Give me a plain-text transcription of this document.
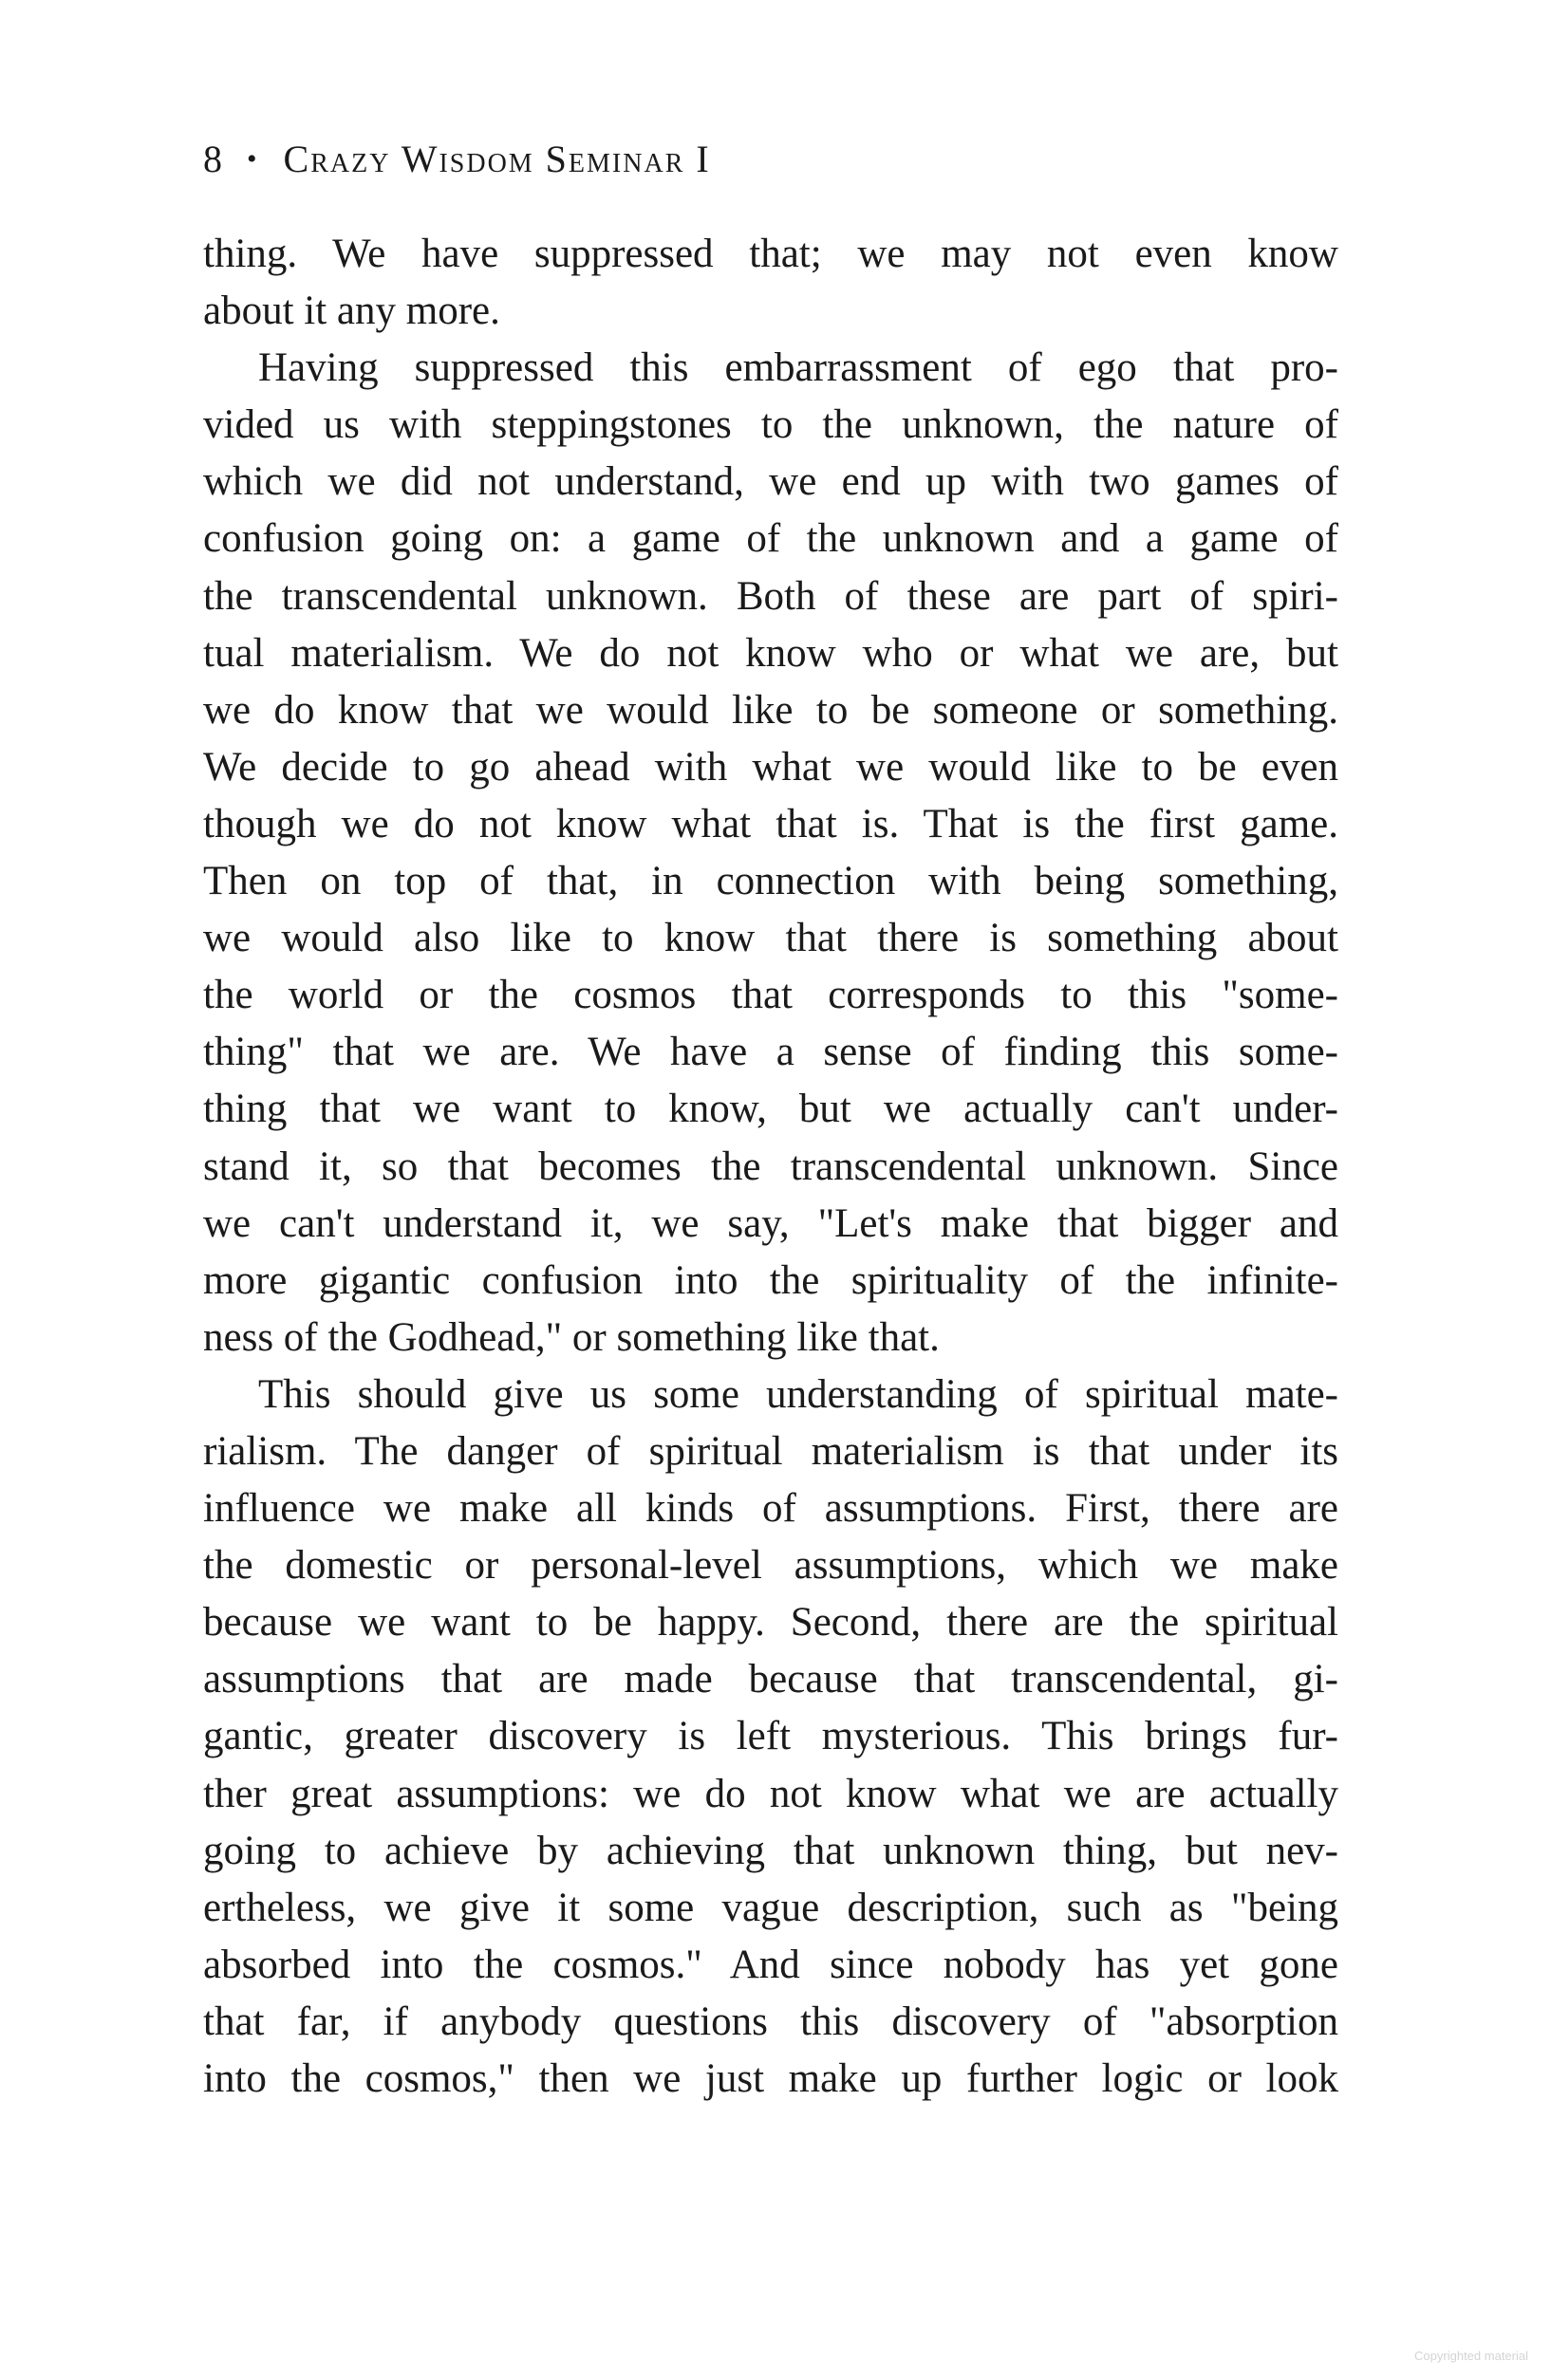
8 • Crazy Wisdom Seminar I
thing. We have suppressed that; we may not even know
about it any more.
Having suppressed this embarrassment of ego that pro-
vided us with steppingstones to the unknown, the nature of
which we did not understand, we end up with two games of
confusion going on: a game of the unknown and a game of
the transcendental unknown. Both of these are part of spiri-
tual materialism. We do not know who or what we are, but
we do know that we would like to be someone or something.
We decide to go ahead with what we would like to be even
though we do not know what that is. That is the first game.
Then on top of that, in connection with being something,
we would also like to know that there is something about
the world or the cosmos that corresponds to this "some-
thing" that we are. We have a sense of finding this some-
thing that we want to know, but we actually can't under-
stand it, so that becomes the transcendental unknown. Since
we can't understand it, we say, "Let's make that bigger and
more gigantic confusion into the spirituality of the infinite-
ness of the Godhead," or something like that.
This should give us some understanding of spiritual mate-
rialism. The danger of spiritual materialism is that under its
influence we make all kinds of assumptions. First, there are
the domestic or personal-level assumptions, which we make
because we want to be happy. Second, there are the spiritual
assumptions that are made because that transcendental, gi-
gantic, greater discovery is left mysterious. This brings fur-
ther great assumptions: we do not know what we are actually
going to achieve by achieving that unknown thing, but nev-
ertheless, we give it some vague description, such as "being
absorbed into the cosmos." And since nobody has yet gone
that far, if anybody questions this discovery of "absorption
into the cosmos," then we just make up further logic or look
Copyrighted material
